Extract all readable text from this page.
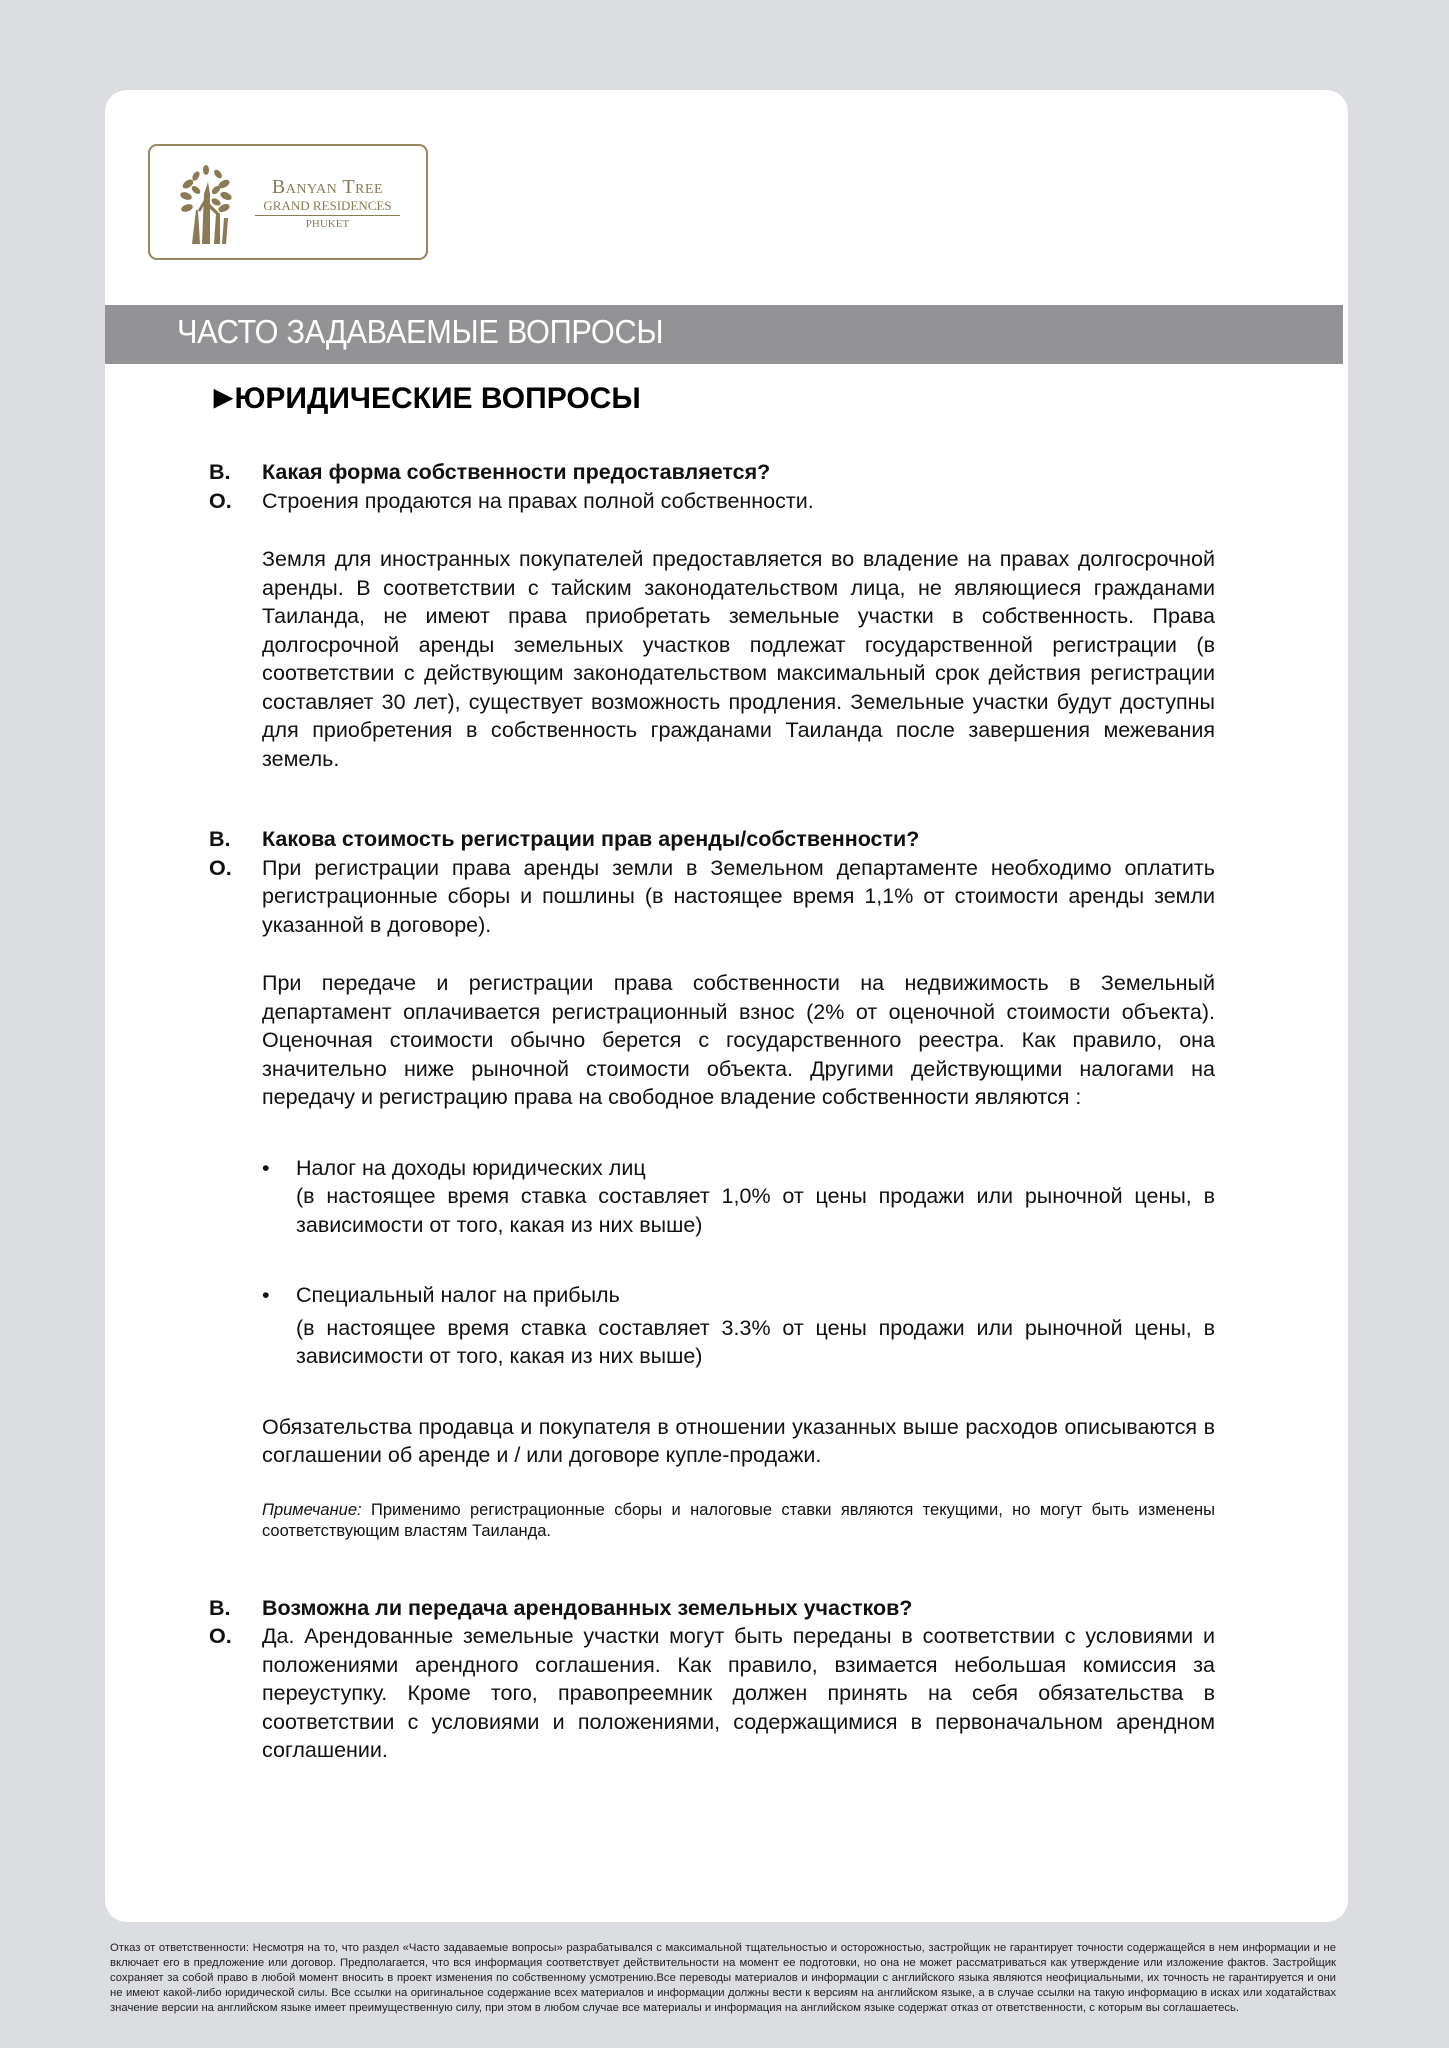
Banyan Tree
GRAND RESIDENCES
PHUKET
ЧАСТО ЗАДАВАЕМЫЕ ВОПРОСЫ
▶ЮРИДИЧЕСКИЕ ВОПРОСЫ
В.	Какая форма собственности предоставляется?
О.	Строения продаются на правах полной собственности.
Земля для иностранных покупателей предоставляется во владение на правах долгосрочной аренды. В соответствии с тайским законодательством лица, не являющиеся гражданами Таиланда, не имеют права приобретать земельные участки в собственность. Права долгосрочной аренды земельных участков подлежат государственной регистрации (в соответствии с действующим законодательством максимальный срок действия регистрации составляет 30 лет), существует возможность продления. Земельные участки будут доступны для приобретения в собственность гражданами Таиланда после завершения межевания земель.
В.	Какова стоимость регистрации прав аренды/собственности?
О.	При регистрации права аренды земли в Земельном департаменте необходимо оплатить регистрационные сборы и пошлины (в настоящее время 1,1% от стоимости аренды земли указанной в договоре).
При передаче и регистрации права собственности на недвижимость в Земельный департамент оплачивается регистрационный взнос (2% от оценочной стоимости объекта). Оценочная стоимости обычно берется с государственного реестра. Как правило, она значительно ниже рыночной стоимости объекта. Другими действующими налогами на передачу и регистрацию права на свободное владение собственности являются :
•	Налог на доходы юридических лиц
(в настоящее время ставка составляет 1,0% от цены продажи или рыночной цены, в зависимости от того, какая из них выше)
•	Специальный налог на прибыль
(в настоящее время ставка составляет 3.3% от цены продажи или рыночной цены, в зависимости от того, какая из них выше)
Обязательства продавца и покупателя в отношении указанных выше расходов описываются в соглашении об аренде и / или договоре купле-продажи.
Примечание: Применимо регистрационные сборы и налоговые ставки являются текущими, но могут быть изменены соответствующим властям Таиланда.
В.	Возможна ли передача арендованных земельных участков?
О.	Да. Арендованные земельные участки могут быть переданы в соответствии с условиями и положениями арендного соглашения. Как правило, взимается небольшая комиссия за переуступку. Кроме того, правопреемник должен принять на себя обязательства в соответствии с условиями и положениями, содержащимися в первоначальном арендном соглашении.
Отказ от ответственности: Несмотря на то, что раздел «Часто задаваемые вопросы» разрабатывался с максимальной тщательностью и осторожностью, застройщик не гарантирует точности содержащейся в нем информации и не включает его в предложение или договор. Предполагается, что вся информация соответствует действительности на момент ее подготовки, но она не может рассматриваться как утверждение или изложение фактов. Застройщик сохраняет за собой право в любой момент вносить в проект изменения по собственному усмотрению.Все переводы материалов и информации с английского языка являются неофициальными, их точность не гарантируется и они не имеют какой-либо юридической силы. Все ссылки на оригинальное содержание всех материалов и информации должны вести к версиям на английском языке, а в случае ссылки на такую информацию в исках или ходатайствах значение версии на английском языке имеет преимущественную силу, при этом в любом случае все материалы и информация на английском языке содержат отказ от ответственности, с которым вы соглашаетесь.
